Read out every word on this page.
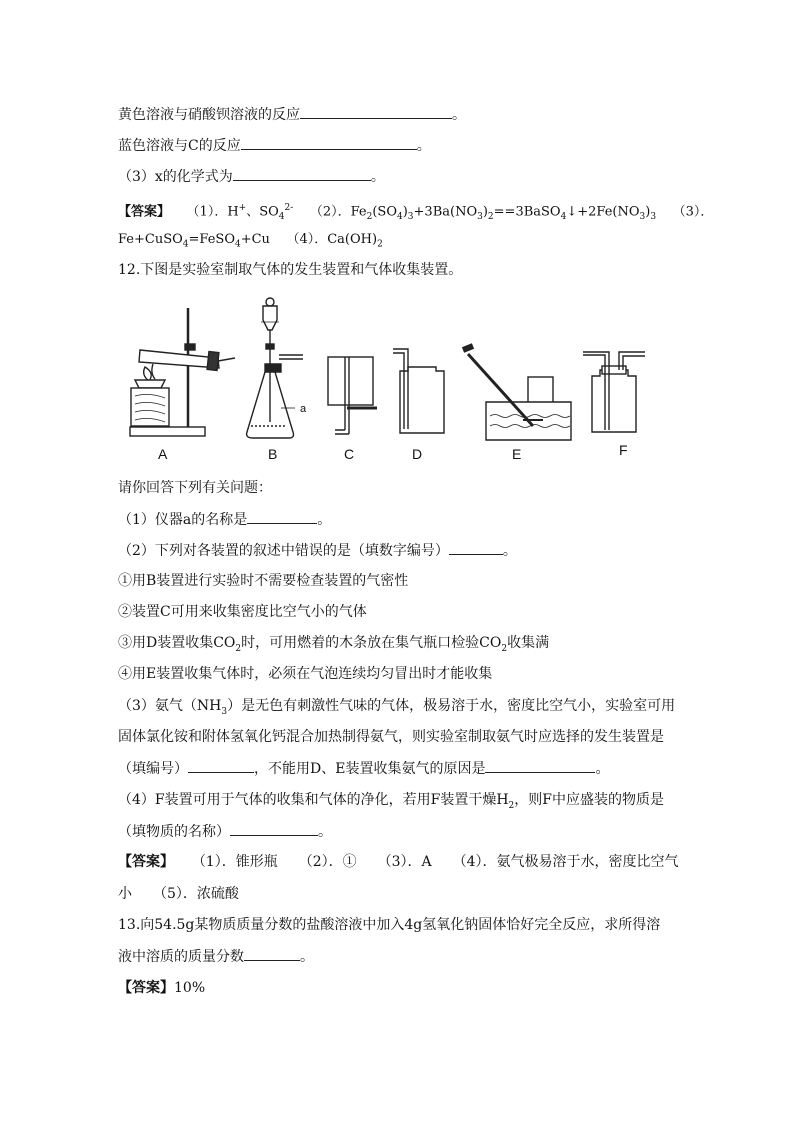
黄色溶液与硝酸钡溶液的反应	。
蓝色溶液与C的反应	。
（3）x的化学式为	。
【答案】 （1）．H+、$SO_4^{2-}$ （2）．$Fe_2(SO_4)_3+3Ba(NO_3)_2==3BaSO_4↓+2Fe(NO_3)_3$ （3）．
Fe+CuSO$_4$=FeSO$_4$+Cu （4）．$Ca(OH)_2$
12.下图是实验室制取气体的发生装置和气体收集装置。
a
A	B	C	D	E	F
请你回答下列有关问题：
（1）仪器a的名称是	。
（2）下列对各装置的叙述中错误的是（填数字编号）	。
①用B装置进行实验时不需要检查装置的气密性
②装置C可用来收集密度比空气小的气体
③用D装置收集$CO_2$时，可用燃着的木条放在集气瓶口检验$CO_2$收集满
④用E装置收集气体时，必须在气泡连续均匀冒出时才能收集
（3）氨气$(NH_3)$是无色有刺激性气味的气体，极易溶于水，密度比空气小，实验室可用
固体氯化铵和附体氢氧化钙混合加热制得氨气，则实验室制取氨气时应选择的发生装置是
（填编号）	，不能用D、E装置收集氨气的原因是	。
（4）F装置可用于气体的收集和气体的净化，若用F装置干燥$H_2$，则F中应盛装的物质是
（填物质的名称）	。
【答案】 （1）．锥形瓶　　（2）．①　　（3）．A　　（4）．氨气极易溶于水，密度比空气
小　　（5）．浓硫酸
13.向54.5g某物质质量分数的盐酸溶液中加入4g氢氧化钠固体恰好完全反应，求所得溶
液中溶质的质量分数	。
【答案】10%
